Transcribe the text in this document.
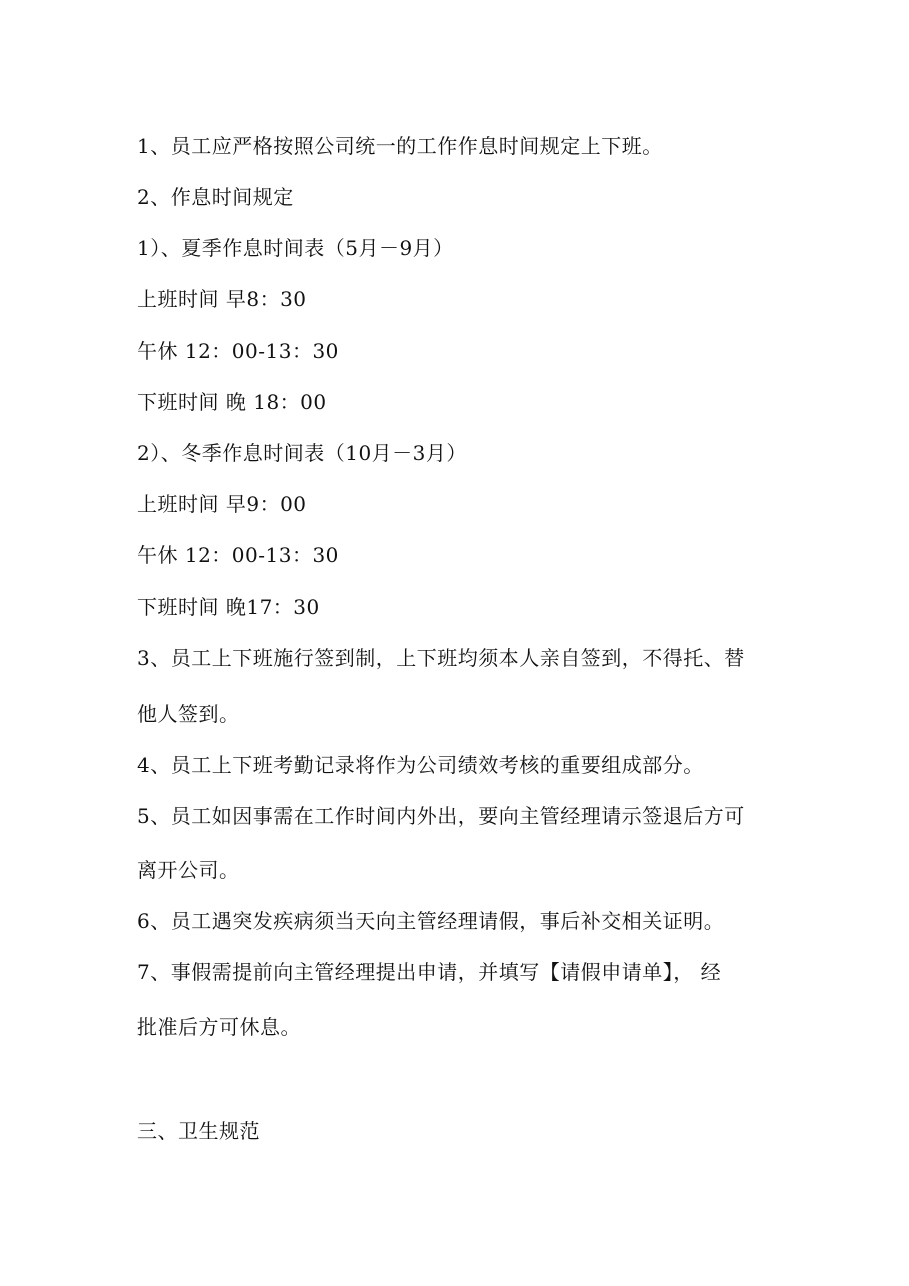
1、员工应严格按照公司统一的工作作息时间规定上下班。
2、作息时间规定
1）、夏季作息时间表（5月－9月）
上班时间 早8：30
午休 12：00-13：30
下班时间 晚 18：00
2）、冬季作息时间表（10月－3月）
上班时间 早9：00
午休 12：00-13：30
下班时间 晚17：30
3、员工上下班施行签到制，上下班均须本人亲自签到，不得托、替
他人签到。
4、员工上下班考勤记录将作为公司绩效考核的重要组成部分。
5、员工如因事需在工作时间内外出，要向主管经理请示签退后方可
离开公司。
6、员工遇突发疾病须当天向主管经理请假，事后补交相关证明。
7、事假需提前向主管经理提出申请，并填写【请假申请单】， 经
批准后方可休息。
三、卫生规范
